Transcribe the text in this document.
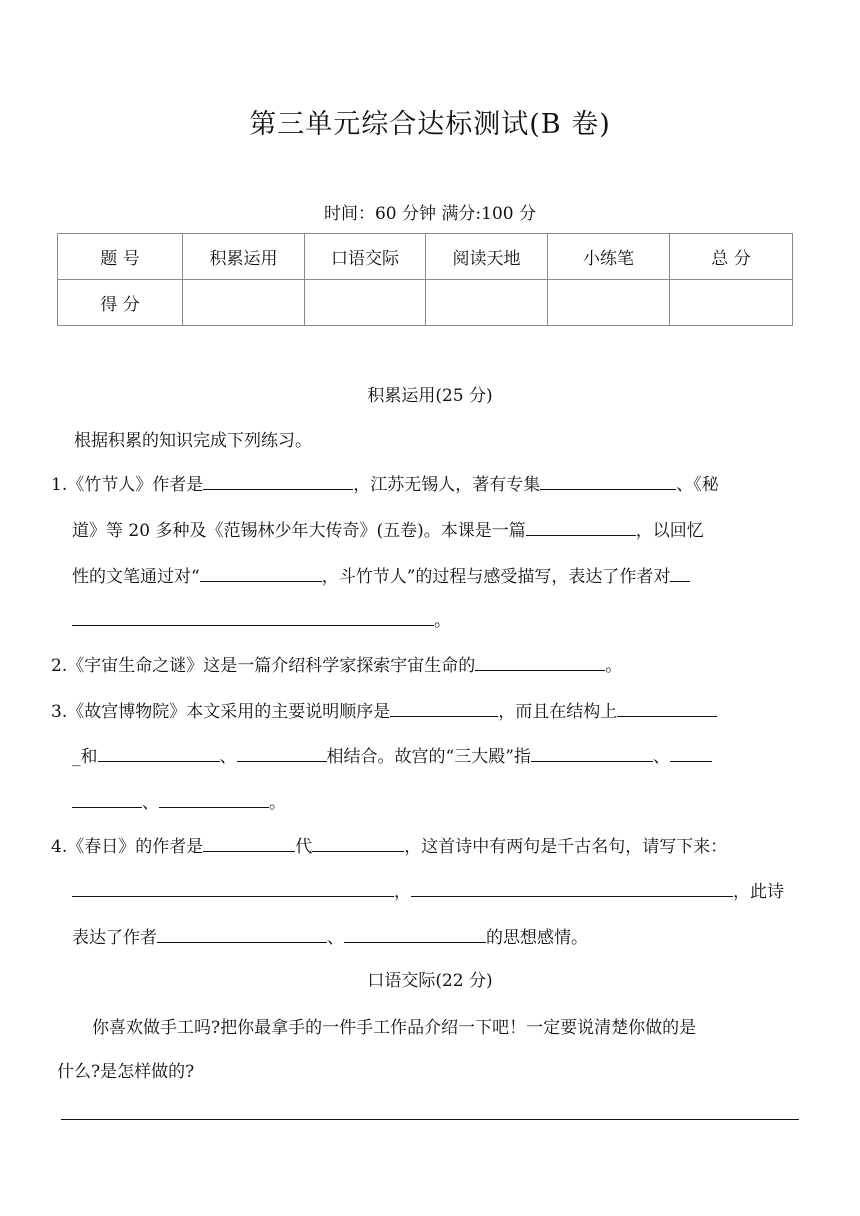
第三单元综合达标测试(B 卷)
时间：60 分钟 满分:100 分
题 号	积累运用	口语交际	阅读天地	小练笔	总 分
得 分					
积累运用(25 分)
根据积累的知识完成下列练习。
1.《竹节人》作者是	，江苏无锡人，著有专集	、《秘
道》等 20 多种及《范锡林少年大传奇》(五卷)。本课是一篇	，以回忆
性的文笔通过对“	，斗竹节人”的过程与感受描写，表达了作者对
。
2.《宇宙生命之谜》这是一篇介绍科学家探索宇宙生命的	。
3.《故宫博物院》本文采用的主要说明顺序是	，而且在结构上
_和	、	相结合。故宫的“三大殿”指	、
、	。
4.《春日》的作者是	代	，这首诗中有两句是千古名句，请写下来：
，	，此诗
表达了作者	、	的思想感情。
口语交际(22 分)
你喜欢做手工吗?把你最拿手的一件手工作品介绍一下吧！一定要说清楚你做的是
什么?是怎样做的?
